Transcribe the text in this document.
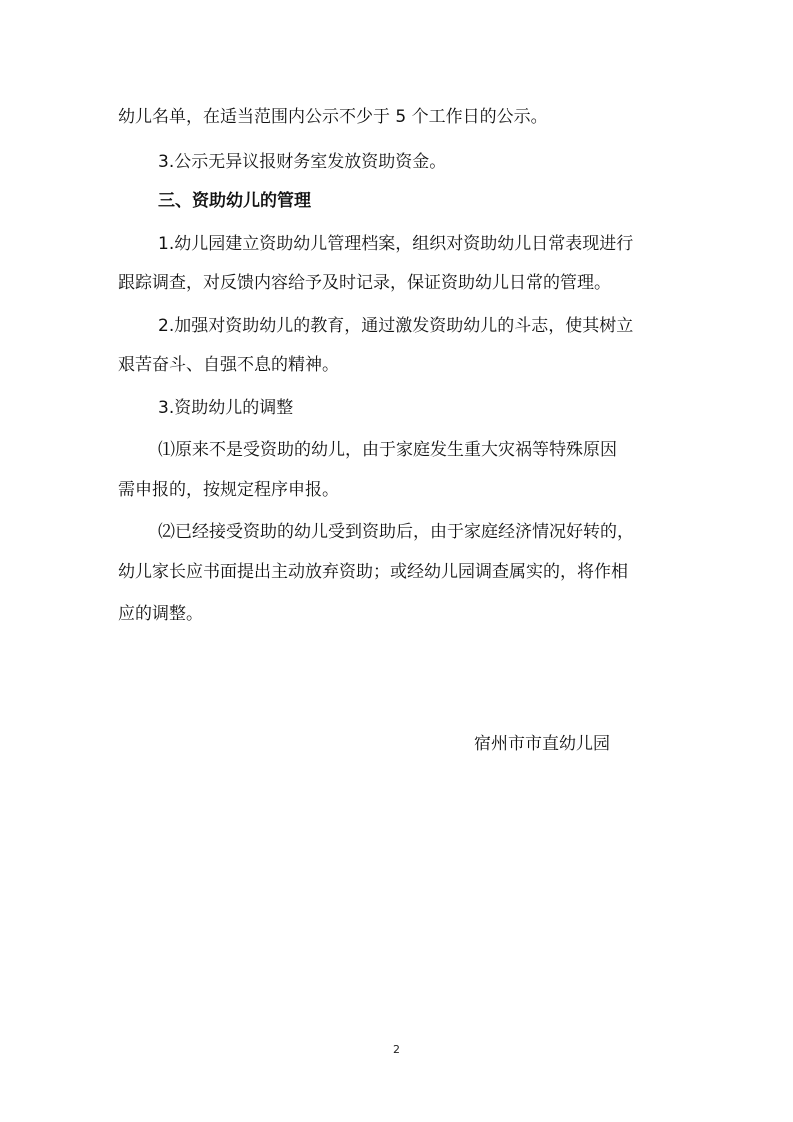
幼儿名单，在适当范围内公示不少于 5 个工作日的公示。
3.公示无异议报财务室发放资助资金。
三、资助幼儿的管理
1.幼儿园建立资助幼儿管理档案，组织对资助幼儿日常表现进行
跟踪调查，对反馈内容给予及时记录，保证资助幼儿日常的管理。
2.加强对资助幼儿的教育，通过激发资助幼儿的斗志，使其树立
艰苦奋斗、自强不息的精神。
3.资助幼儿的调整
⑴原来不是受资助的幼儿，由于家庭发生重大灾祸等特殊原因
需申报的，按规定程序申报。
⑵已经接受资助的幼儿受到资助后，由于家庭经济情况好转的，
幼儿家长应书面提出主动放弃资助；或经幼儿园调查属实的，将作相
应的调整。
宿州市市直幼儿园
2
